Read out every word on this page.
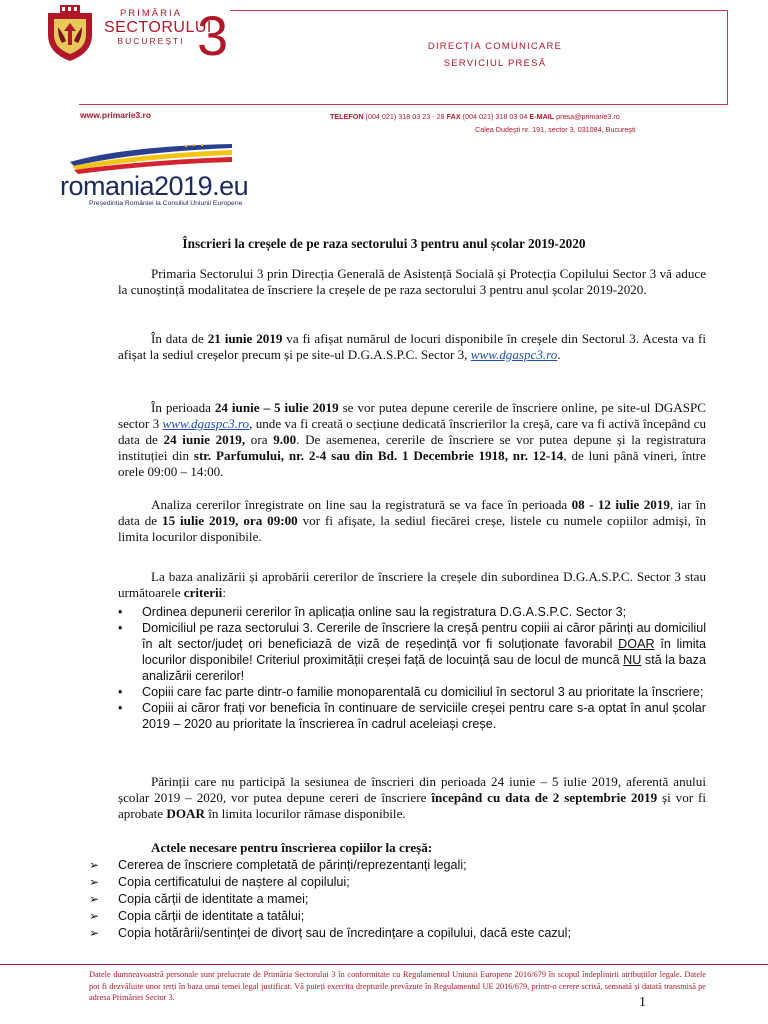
PRIMĂRIA
SECTORULUI
BUCUREȘTI 3	DIRECȚIA COMUNICARE
SERVICIUL PRESĂ
www.primarie3.ro	TELEFON (004 021) 318 03 23 - 28 FAX (004 021) 318 03 04 E-MAIL presa@primarie3.ro
Calea Dudeşti nr. 191, sector 3, 031084, Bucureşti
romania2019.eu
Președinția României la Consiliul Uniunii Europene
Înscrieri la creșele de pe raza sectorului 3 pentru anul școlar 2019-2020
Primaria Sectorului 3 prin Direcția Generală de Asistență Socială și Protecția Copilului Sector 3 vă aduce la cunoștință modalitatea de înscriere la creșele de pe raza sectorului 3 pentru anul școlar 2019-2020.
În data de 21 iunie 2019 va fi afișat numărul de locuri disponibile în creșele din Sectorul 3. Acesta va fi afișat la sediul creșelor precum și pe site-ul D.G.A.S.P.C. Sector 3, www.dgaspc3.ro.
În perioada 24 iunie – 5 iulie 2019 se vor putea depune cererile de înscriere online, pe site-ul DGASPC sector 3 www.dgaspc3.ro, unde va fi creată o secțiune dedicată înscrierilor la creșă, care va fi activă începând cu data de 24 iunie 2019, ora 9.00. De asemenea, cererile de înscriere se vor putea depune și la registratura instituției din str. Parfumului, nr. 2-4 sau din Bd. 1 Decembrie 1918, nr. 12-14, de luni până vineri, între orele 09:00 – 14:00.
Analiza cererilor înregistrate on line sau la registratură se va face în perioada 08 - 12 iulie 2019, iar în data de 15 iulie 2019, ora 09:00 vor fi afișate, la sediul fiecărei creșe, listele cu numele copiilor admiși, în limita locurilor disponibile.
La baza analizării și aprobării cererilor de înscriere la creșele din subordinea D.G.A.S.P.C. Sector 3 stau următoarele criterii:
• Ordinea depunerii cererilor în aplicația online sau la registratura D.G.A.S.P.C. Sector 3;
• Domiciliul pe raza sectorului 3. Cererile de înscriere la creșă pentru copiii ai căror părinți au domiciliul în alt sector/județ ori beneficiază de viză de reședință vor fi soluționate favorabil DOAR în limita locurilor disponibile! Criteriul proximității creșei față de locuință sau de locul de muncă NU stă la baza analizării cererilor!
• Copiii care fac parte dintr-o familie monoparentală cu domiciliul în sectorul 3 au prioritate la înscriere;
• Copiii ai căror frați vor beneficia în continuare de serviciile creșei pentru care s-a optat în anul școlar 2019 – 2020 au prioritate la înscrierea în cadrul aceleiași creșe.
Părinții care nu participă la sesiunea de înscrieri din perioada 24 iunie – 5 iulie 2019, aferentă anului școlar 2019 – 2020, vor putea depune cereri de înscriere începând cu data de 2 septembrie 2019 și vor fi aprobate DOAR în limita locurilor rămase disponibile.
Actele necesare pentru înscrierea copiilor la creșă:
➢ Cererea de înscriere completată de părinți/reprezentanți legali;
➢ Copia certificatului de naștere al copilului;
➢ Copia cărții de identitate a mamei;
➢ Copia cărții de identitate a tatălui;
➢ Copia hotărârii/sentinței de divorț sau de încredințare a copilului, dacă este cazul;
Datele dumneavoastră personale sunt prelucrate de Primăria Sectorului 3 în conformitate cu Regulamentul Uniunii Europene 2016/679 în scopul îndeplinirii atribuțiilor legale. Datele pot fi dezvăluite unor terți în baza unui temei legal justificat. Vă puteți exercita drepturile prevăzute în Regulamentul UE 2016/679, printr-o cerere scrisă, semnată și datată transmisă pe adresa Primăriei Sector 3.	1
